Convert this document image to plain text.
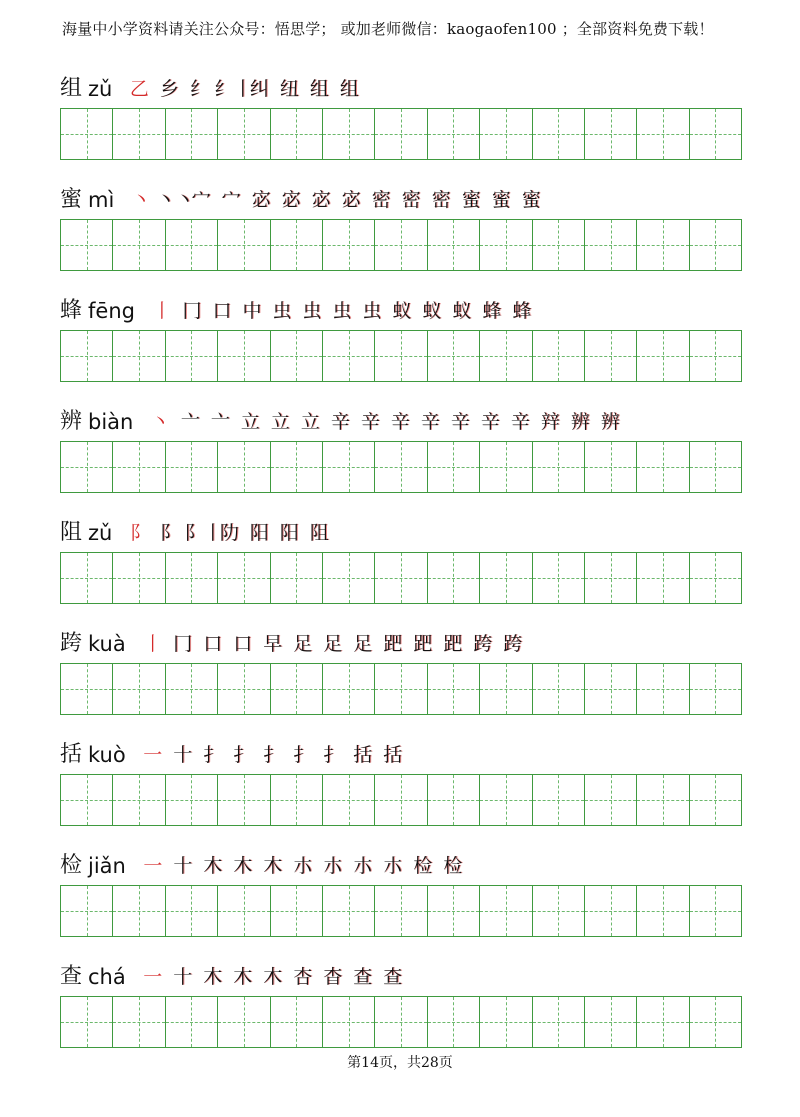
海量中小学资料请关注公众号：悟思学； 或加老师微信：kaogaofen100 ；全部资料免费下载！
组 zǔ 乙 乡 纟 纟丨
纠 纽 组 组
蜜 mì 丶 丶丶
宀 宀 宓 宓 宓 宓 密 密 密 蜜 蜜 蜜
蜂 fēng 丨 冂 口 中 虫 虫 虫 虫 蚁 蚁 蚁 蜂 蜂
辨 biàn 丶 亠 亠 立 立 立 辛 辛 辛 辛 辛 辛 辛 辡 辨 辨
阻 zǔ 阝 阝 阝丨
阞 阳 阳 阻
跨 kuà 丨 冂 口 口 早 足 足 足 跁 跁 跁 跨 跨
括 kuò 一 十 扌 扌 扌 扌 扌 括 括
检 jiǎn 一 十 木 木 木 朩 朩 朩 朩 检 检
查 chá 一 十 木 木 木 杏 杳 查 查
第14页，共28页
